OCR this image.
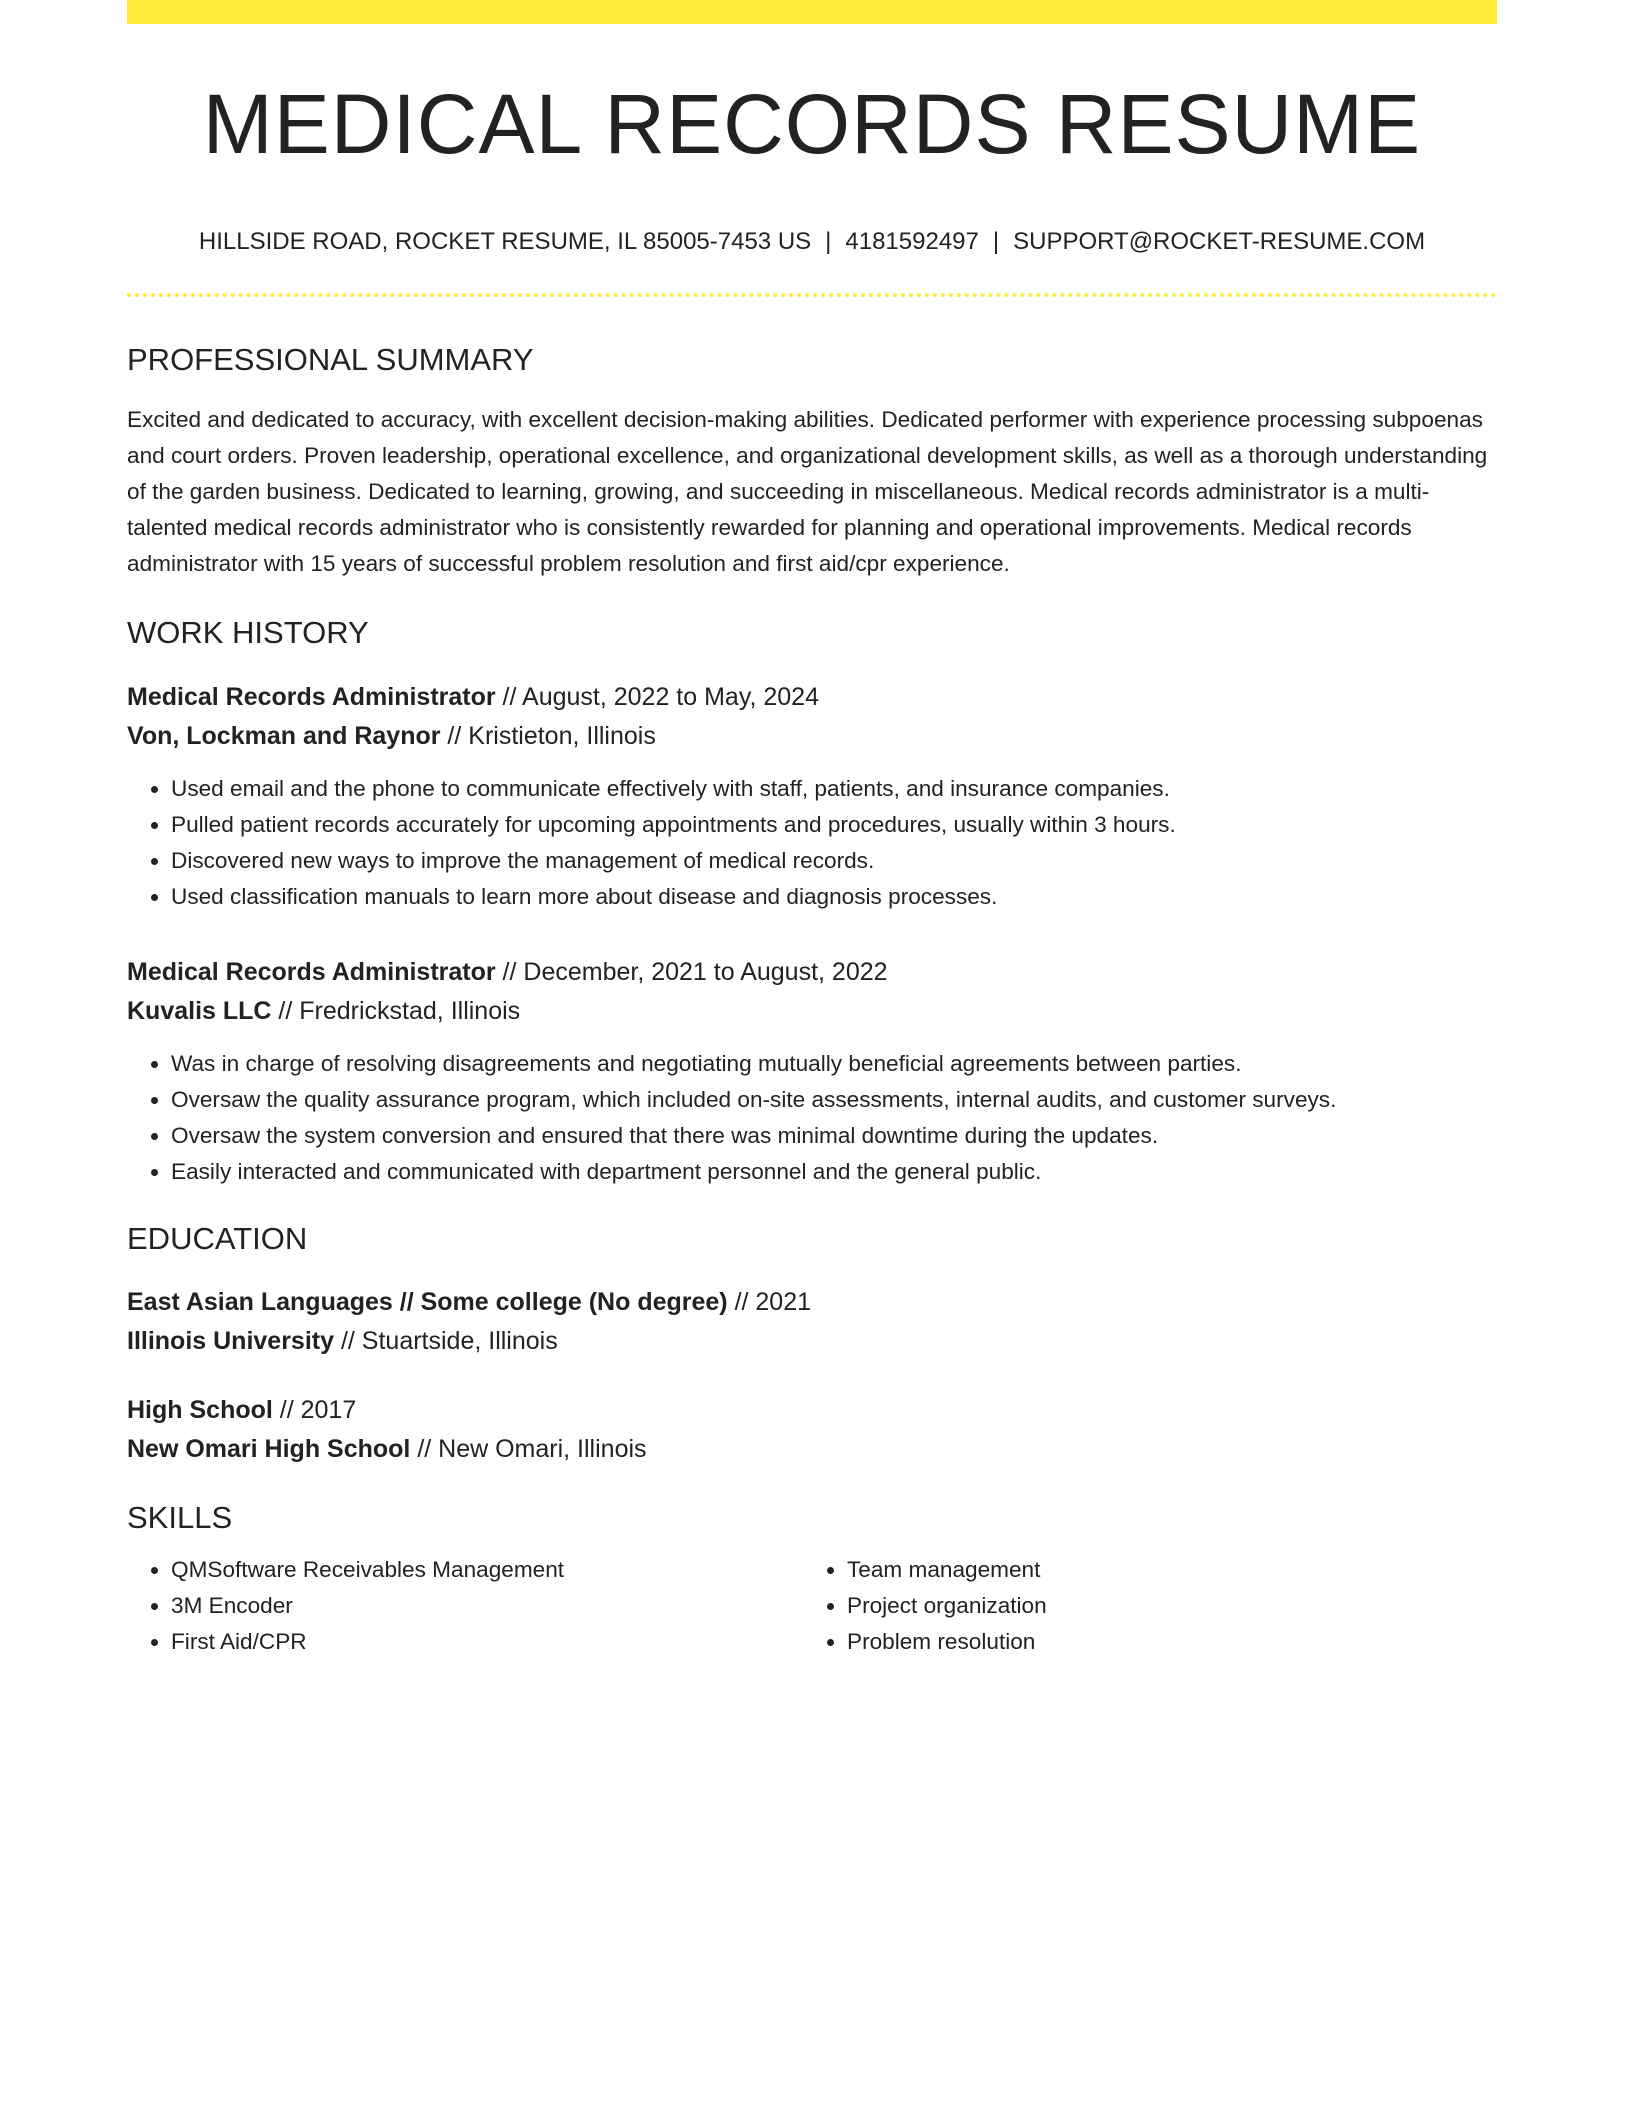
MEDICAL RECORDS RESUME
HILLSIDE ROAD, ROCKET RESUME, IL 85005-7453 US | 4181592497 | SUPPORT@ROCKET-RESUME.COM
PROFESSIONAL SUMMARY
Excited and dedicated to accuracy, with excellent decision-making abilities. Dedicated performer with experience processing subpoenas and court orders. Proven leadership, operational excellence, and organizational development skills, as well as a thorough understanding of the garden business. Dedicated to learning, growing, and succeeding in miscellaneous. Medical records administrator is a multi-talented medical records administrator who is consistently rewarded for planning and operational improvements. Medical records administrator with 15 years of successful problem resolution and first aid/cpr experience.
WORK HISTORY
Medical Records Administrator // August, 2022 to May, 2024
Von, Lockman and Raynor // Kristieton, Illinois
• Used email and the phone to communicate effectively with staff, patients, and insurance companies.
• Pulled patient records accurately for upcoming appointments and procedures, usually within 3 hours.
• Discovered new ways to improve the management of medical records.
• Used classification manuals to learn more about disease and diagnosis processes.
Medical Records Administrator // December, 2021 to August, 2022
Kuvalis LLC // Fredrickstad, Illinois
• Was in charge of resolving disagreements and negotiating mutually beneficial agreements between parties.
• Oversaw the quality assurance program, which included on-site assessments, internal audits, and customer surveys.
• Oversaw the system conversion and ensured that there was minimal downtime during the updates.
• Easily interacted and communicated with department personnel and the general public.
EDUCATION
East Asian Languages // Some college (No degree) // 2021
Illinois University // Stuartside, Illinois
High School // 2017
New Omari High School // New Omari, Illinois
SKILLS
• QMSoftware Receivables Management
• 3M Encoder
• First Aid/CPR
• Team management
• Project organization
• Problem resolution
